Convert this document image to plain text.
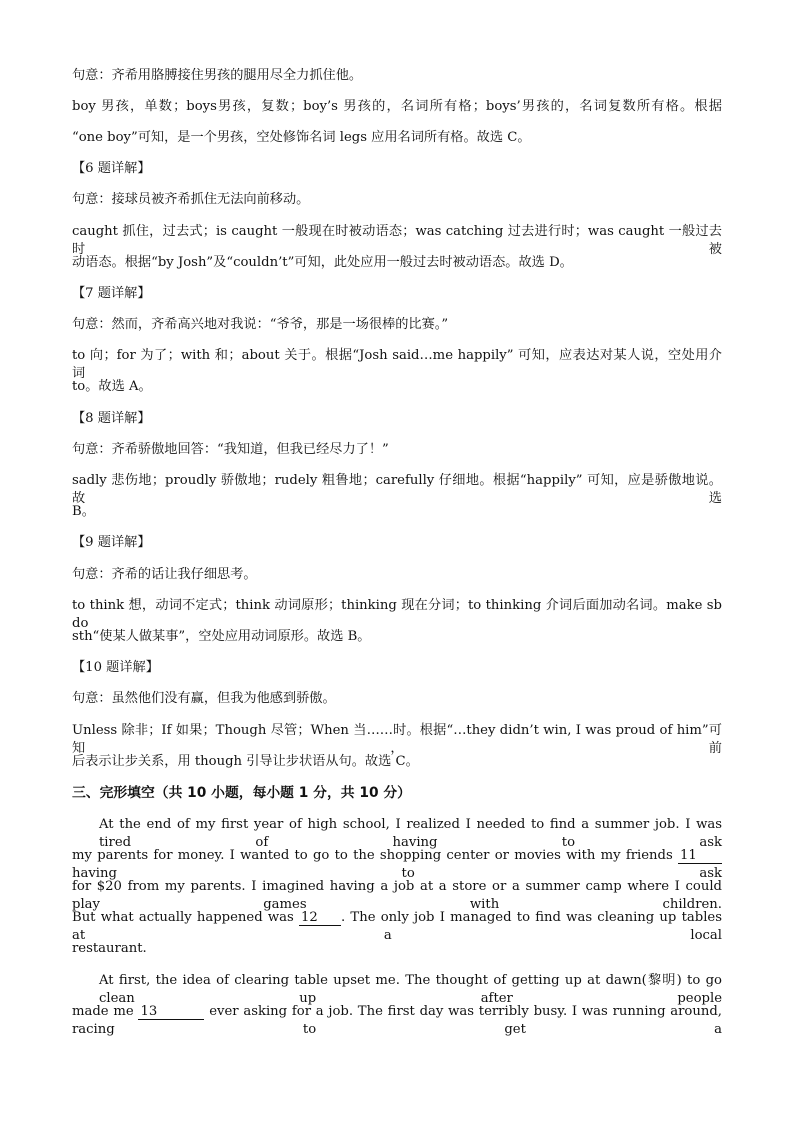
句意：齐希用胳膊接住男孩的腿用尽全力抓住他。
boy 男孩，单数；boys男孩，复数；boy’s 男孩的，名词所有格；boys’男孩的，名词复数所有格。根据
“one boy”可知，是一个男孩，空处修饰名词 legs 应用名词所有格。故选 C。
【6 题详解】
句意：接球员被齐希抓住无法向前移动。
caught 抓住，过去式；is caught 一般现在时被动语态；was catching 过去进行时；was caught 一般过去时被
动语态。根据“by Josh”及“couldn’t”可知，此处应用一般过去时被动语态。故选 D。
【7 题详解】
句意：然而，齐希高兴地对我说：“爷爷，那是一场很棒的比赛。”
to 向；for 为了；with 和；about 关于。根据“Josh said…me happily” 可知，应表达对某人说，空处用介词
to。故选 A。
【8 题详解】
句意：齐希骄傲地回答：“我知道，但我已经尽力了！”
sadly 悲伤地；proudly 骄傲地；rudely 粗鲁地；carefully 仔细地。根据“happily” 可知，应是骄傲地说。故选
B。
【9 题详解】
句意：齐希的话让我仔细思考。
to think 想，动词不定式；think 动词原形；thinking 现在分词；to thinking 介词后面加动名词。make sb do
sth“使某人做某事”，空处应用动词原形。故选 B。
【10 题详解】
句意：虽然他们没有赢，但我为他感到骄傲。
Unless 除非；If 如果；Though 尽管；When 当……时。根据“…they didn’t win, I was proud of him”可知，前
后表示让步关系，用 though 引导让步状语从句。故选 C。
三、完形填空（共 10 小题，每小题 1 分，共 10 分）
At the end of my first year of high school, I realized I needed to find a summer job. I was tired of having to ask
my parents for money. I wanted to go to the shopping center or movies with my friends 11 having to ask
for $20 from my parents. I imagined having a job at a store or a summer camp where I could play games with children.
But what actually happened was 12 . The only job I managed to find was cleaning up tables at a local
restaurant.
At first, the idea of clearing table upset me. The thought of getting up at dawn(黎明) to go clean up after people
made me 13	ever asking for a job. The first day was terribly busy. I was running around, racing to get a
